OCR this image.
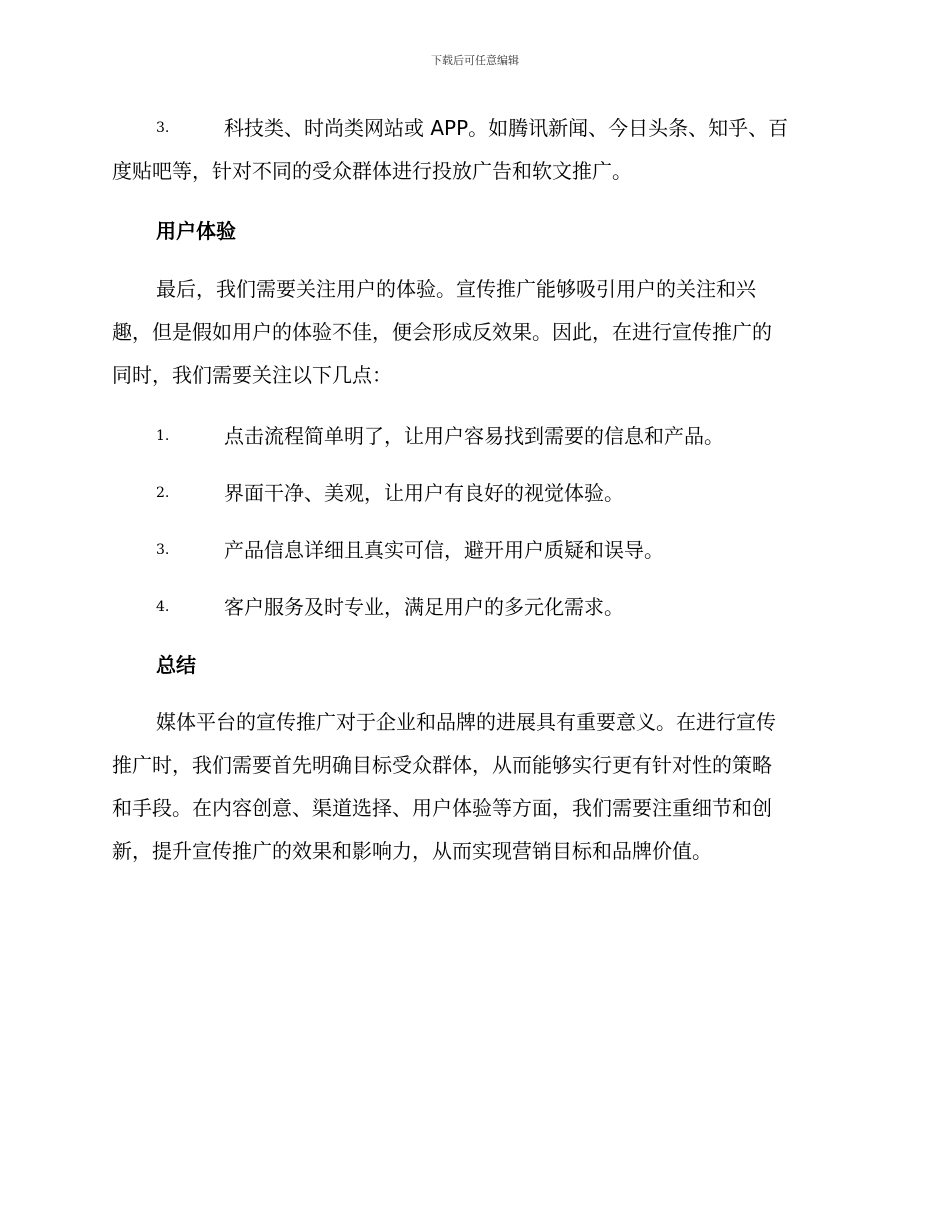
下载后可任意编辑
3.	科技类、时尚类网站或 APP。如腾讯新闻、今日头条、知乎、百
度贴吧等，针对不同的受众群体进行投放广告和软文推广。
用户体验
最后，我们需要关注用户的体验。宣传推广能够吸引用户的关注和兴
趣，但是假如用户的体验不佳，便会形成反效果。因此，在进行宣传推广的
同时，我们需要关注以下几点：
1.	点击流程简单明了，让用户容易找到需要的信息和产品。
2.	界面干净、美观，让用户有良好的视觉体验。
3.	产品信息详细且真实可信，避开用户质疑和误导。
4.	客户服务及时专业，满足用户的多元化需求。
总结
媒体平台的宣传推广对于企业和品牌的进展具有重要意义。在进行宣传
推广时，我们需要首先明确目标受众群体，从而能够实行更有针对性的策略
和手段。在内容创意、渠道选择、用户体验等方面，我们需要注重细节和创
新，提升宣传推广的效果和影响力，从而实现营销目标和品牌价值。
